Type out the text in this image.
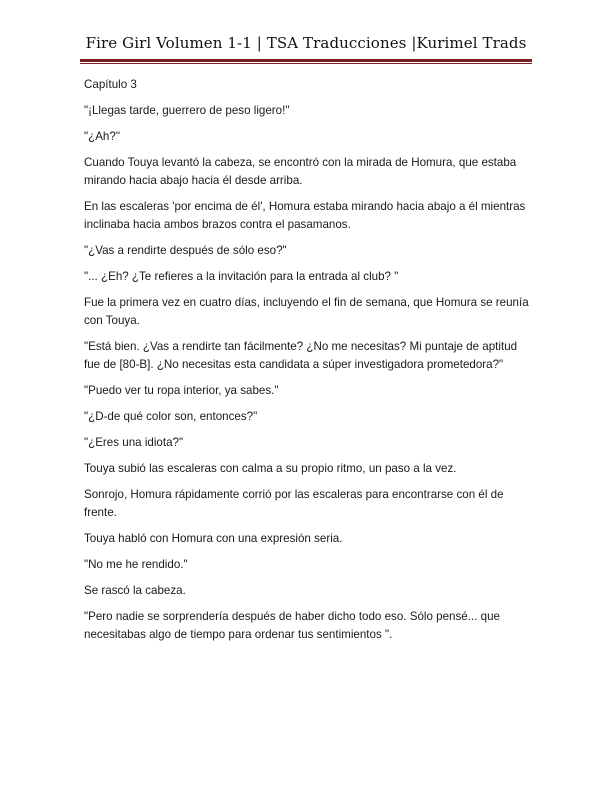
Fire Girl Volumen 1-1 | TSA Traducciones |Kurimel Trads

Capítulo 3

"¡Llegas tarde, guerrero de peso ligero!"

"¿Ah?"

Cuando Touya levantó la cabeza, se encontró con la mirada de Homura, que estaba mirando hacia abajo hacia él desde arriba.

En las escaleras 'por encima de él', Homura estaba mirando hacia abajo a él mientras inclinaba hacia ambos brazos contra el pasamanos.

"¿Vas a rendirte después de sólo eso?"

"... ¿Eh? ¿Te refieres a la invitación para la entrada al club? "

Fue la primera vez en cuatro días, incluyendo el fin de semana, que Homura se reunía con Touya.

"Está bien. ¿Vas a rendirte tan fácilmente? ¿No me necesitas? Mi puntaje de aptitud fue de [80-B]. ¿No necesitas esta candidata a súper investigadora prometedora?"

"Puedo ver tu ropa interior, ya sabes."

"¿D-de qué color son, entonces?"

"¿Eres una idiota?"

Touya subió las escaleras con calma a su propio ritmo, un paso a la vez.

Sonrojo, Homura rápidamente corrió por las escaleras para encontrarse con él de frente.

Touya habló con Homura con una expresión seria.

"No me he rendido."

Se rascó la cabeza.

"Pero nadie se sorprendería después de haber dicho todo eso. Sólo pensé... que necesitabas algo de tiempo para ordenar tus sentimientos ".
